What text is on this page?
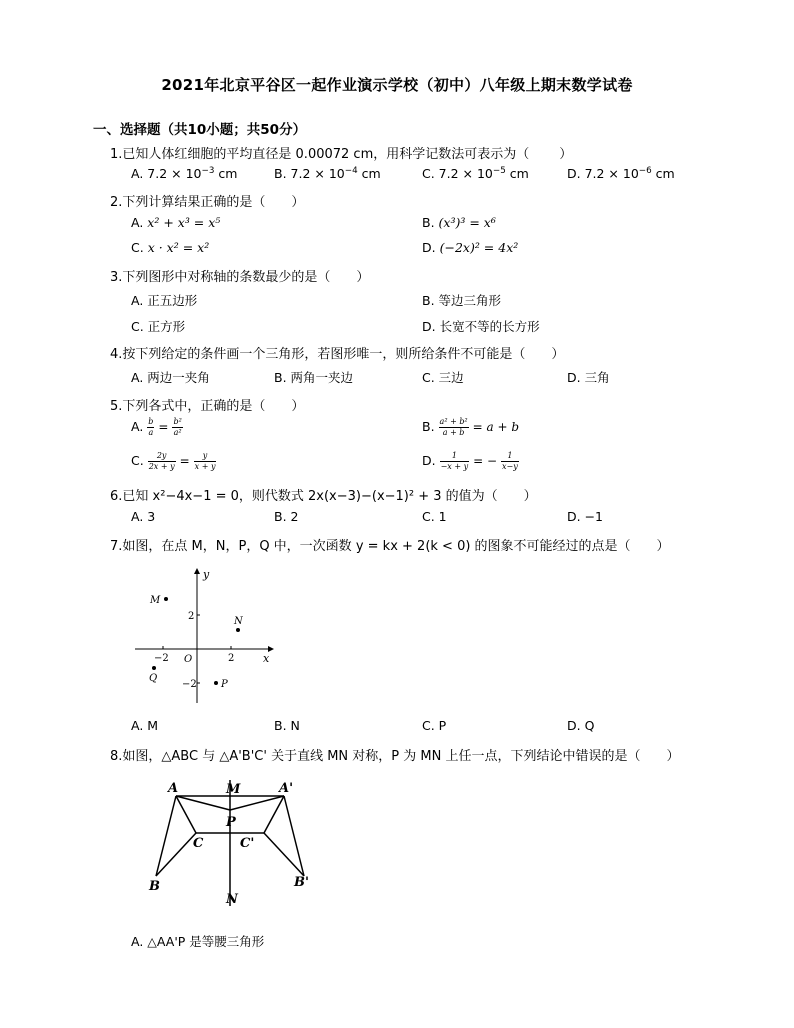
2021年北京平谷区一起作业演示学校（初中）八年级上期末数学试卷
一、选择题（共10小题；共50分）
1.已知人体红细胞的平均直径是 0.00072 cm，用科学记数法可表示为（ ）
A. $7.2 \times 10^{-3}$ cm	B. $7.2 \times 10^{-4}$ cm	C. $7.2 \times 10^{-5}$ cm	D. $7.2 \times 10^{-6}$ cm
2.下列计算结果正确的是（　　）
A. x² + x³ = x⁵	B. (x³)³ = x⁶
C. x · x² = x²	D. (−2x)² = 4x²
3.下列图形中对称轴的条数最少的是（　　）
A. 正五边形	B. 等边三角形
C. 正方形	D. 长宽不等的长方形
4.按下列给定的条件画一个三角形，若图形唯一，则所给条件不可能是（　　）
A. 两边一夹角	B. 两角一夹边	C. 三边	D. 三角
5.下列各式中，正确的是（　　）
A. $\frac{b}{a} = \frac{\text{b²}}{\text{a²}}$	B. $\frac{\text{a² + b²}}{a + b} = a + b$
C. $\frac{2y}{2x + y} = \frac{y}{x + y}$	D. $\frac{1}{-x + y}$ = − $\frac{1}{x-y}$
6.已知 x²−4x−1 = 0，则代数式 2x(x−3)−(x−1)² + 3 的值为（　　）
A. 3	B. 2	C. 1	D. −1
7.如图，在点 M，N，P，Q 中，一次函数 y = kx + 2(k < 0) 的图象不可能经过的点是（　　）
x
y
O
−2	2
2
−2
M
N
P
Q
A. M	B. N	C. P	D. Q
8.如图，△ABC 与 △A'B'C' 关于直线 MN 对称，P 为 MN 上任一点，下列结论中错误的是（　　）
A	M	A'
P
C	C'
B
N
B'
A. △AA'P 是等腰三角形
